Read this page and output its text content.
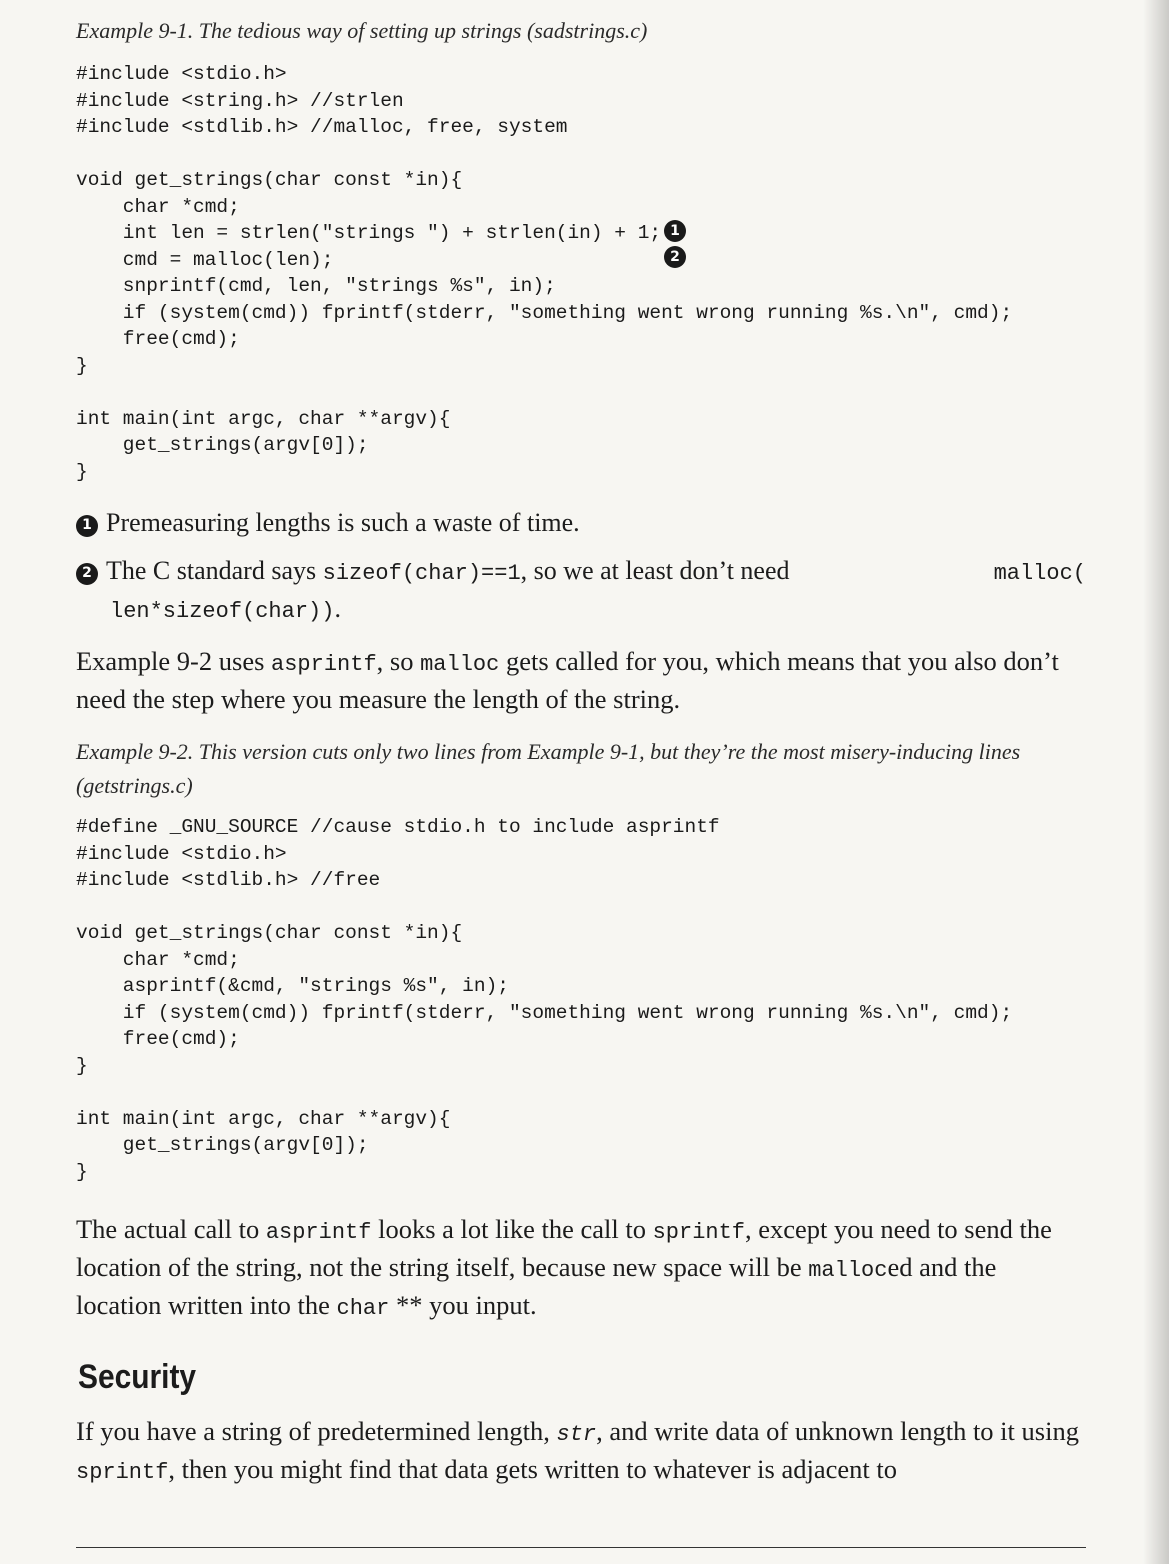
Example 9-1. The tedious way of setting up strings (sadstrings.c)
#include <stdio.h>
#include <string.h> //strlen
#include <stdlib.h> //malloc, free, system

void get_strings(char const *in){
char *cmd;
int len = strlen("strings ") + strlen(in) + 1;
cmd = malloc(len);
snprintf(cmd, len, "strings %s", in);
if (system(cmd)) fprintf(stderr, "something went wrong running %s.\n", cmd);
free(cmd);
}

int main(int argc, char **argv){
get_strings(argv[0]);
}
1
2
1 Premeasuring lengths is such a waste of time.
2 The C standard says sizeof(char)==1, so we at least don’t need	malloc(
len*sizeof(char)).
Example 9-2 uses asprintf, so malloc gets called for you, which means that you also don’t need the step where you measure the length of the string.
Example 9-2. This version cuts only two lines from Example 9-1, but they’re the most misery-inducing lines (getstrings.c)
#define _GNU_SOURCE //cause stdio.h to include asprintf
#include <stdio.h>
#include <stdlib.h> //free

void get_strings(char const *in){
char *cmd;
asprintf(&cmd, "strings %s", in);
if (system(cmd)) fprintf(stderr, "something went wrong running %s.\n", cmd);
free(cmd);
}

int main(int argc, char **argv){
get_strings(argv[0]);
}
The actual call to asprintf looks a lot like the call to sprintf, except you need to send the location of the string, not the string itself, because new space will be malloced and the location written into the char ** you input.
Security
If you have a string of predetermined length, str, and write data of unknown length to it using sprintf, then you might find that data gets written to whatever is adjacent to
